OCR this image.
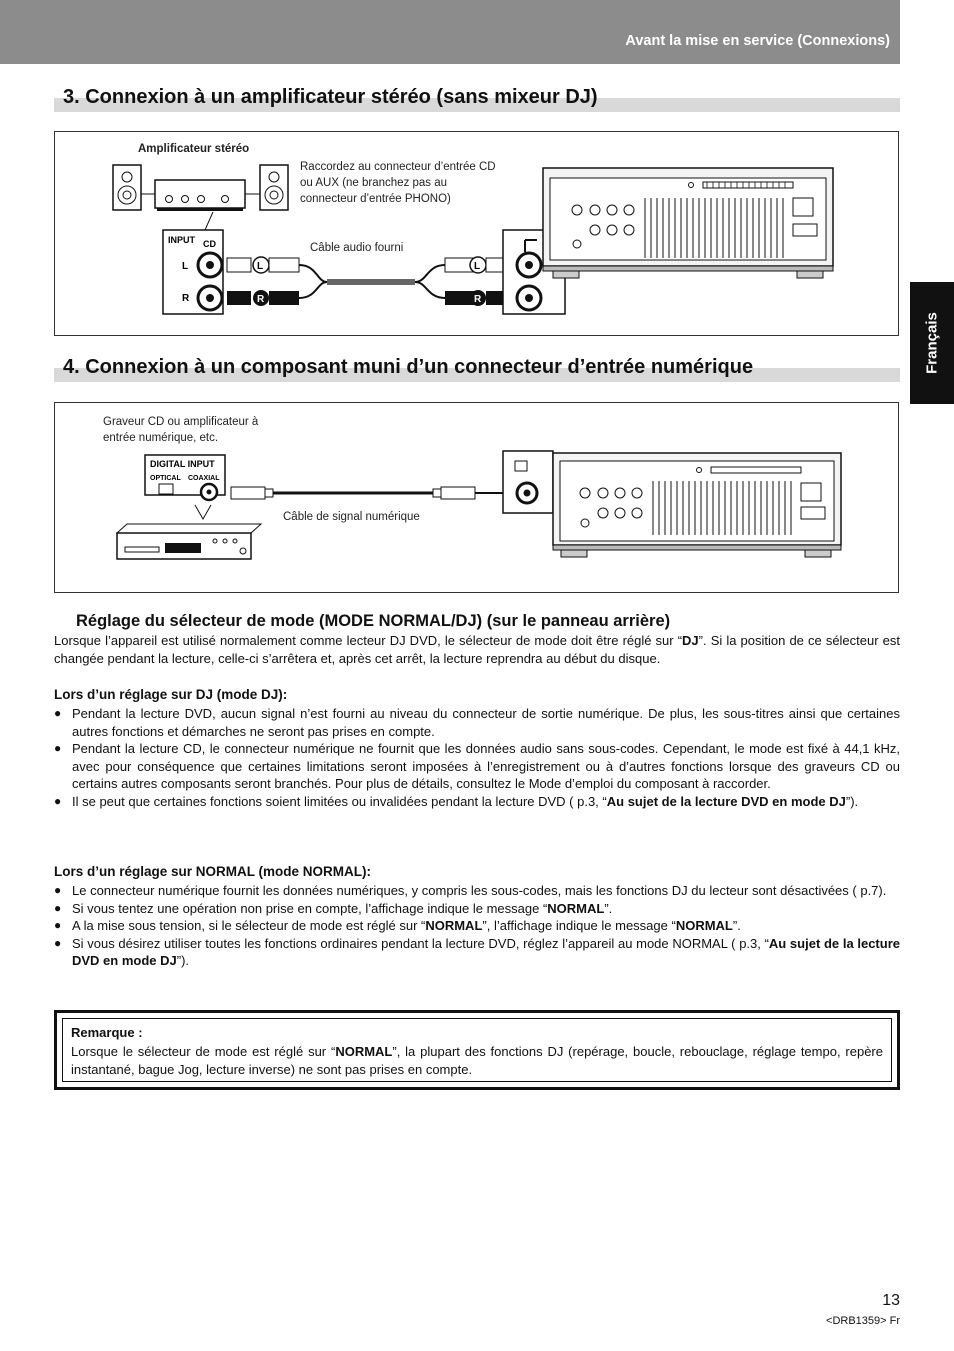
Avant la mise en service (Connexions)
Français
3. Connexion à un amplificateur stéréo (sans mixeur DJ)
Amplificateur stéréo
Raccordez au connecteur d’entrée CD ou AUX (ne branchez pas au connecteur d’entrée PHONO)
Câble audio fourni
INPUT CD
L
R
L
R
L
R
4. Connexion à un composant muni d’un connecteur d’entrée numérique
Graveur CD ou amplificateur à entrée numérique, etc.
Câble de signal numérique
DIGITAL INPUT
OPTICAL COAXIAL
Réglage du sélecteur de mode (MODE NORMAL/DJ) (sur le panneau arrière)
Lorsque l’appareil est utilisé normalement comme lecteur DJ DVD, le sélecteur de mode doit être réglé sur “DJ”. Si la position de ce sélecteur est changée pendant la lecture, celle-ci s’arrêtera et, après cet arrêt, la lecture reprendra au début du disque.
Lors d’un réglage sur DJ (mode DJ):
● Pendant la lecture DVD, aucun signal n’est fourni au niveau du connecteur de sortie numérique. De plus, les sous-titres ainsi que certaines autres fonctions et démarches ne seront pas prises en compte.
● Pendant la lecture CD, le connecteur numérique ne fournit que les données audio sans sous-codes. Cependant, le mode est fixé à 44,1 kHz, avec pour conséquence que certaines limitations seront imposées à l’enregistrement ou à d’autres fonctions lorsque des graveurs CD ou certains autres composants seront branchés. Pour plus de détails, consultez le Mode d’emploi du composant à raccorder.
● Il se peut que certaines fonctions soient limitées ou invalidées pendant la lecture DVD ( p.3, “Au sujet de la lecture DVD en mode DJ”).
Lors d’un réglage sur NORMAL (mode NORMAL):
● Le connecteur numérique fournit les données numériques, y compris les sous-codes, mais les fonctions DJ du lecteur sont désactivées ( p.7).
● Si vous tentez une opération non prise en compte, l’affichage indique le message “NORMAL”.
● A la mise sous tension, si le sélecteur de mode est réglé sur “NORMAL”, l’affichage indique le message “NORMAL”.
● Si vous désirez utiliser toutes les fonctions ordinaires pendant la lecture DVD, réglez l’appareil au mode NORMAL ( p.3, “Au sujet de la lecture DVD en mode DJ”).
Remarque :
Lorsque le sélecteur de mode est réglé sur “NORMAL”, la plupart des fonctions DJ (repérage, boucle, rebouclage, réglage tempo, repère instantané, bague Jog, lecture inverse) ne sont pas prises en compte.
13
<DRB1359> Fr
